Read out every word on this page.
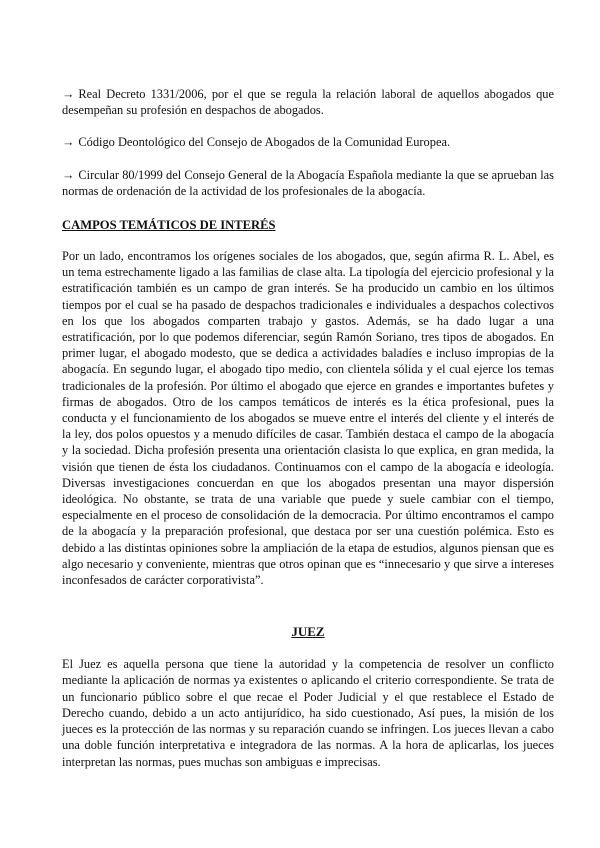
→ Real Decreto 1331/2006, por el que se regula la relación laboral de aquellos abogados que desempeñan su profesión en despachos de abogados.

→ Código Deontológico del Consejo de Abogados de la Comunidad Europea.

→ Circular 80/1999 del Consejo General de la Abogacía Española mediante la que se aprueban las normas de ordenación de la actividad de los profesionales de la abogacía.

CAMPOS TEMÁTICOS DE INTERÉS

Por un lado, encontramos los orígenes sociales de los abogados, que, según afirma R. L. Abel, es un tema estrechamente ligado a las familias de clase alta. La tipología del ejercicio profesional y la estratificación también es un campo de gran interés. Se ha producido un cambio en los últimos tiempos por el cual se ha pasado de despachos tradicionales e individuales a despachos colectivos en los que los abogados comparten trabajo y gastos. Además, se ha dado lugar a una estratificación, por lo que podemos diferenciar, según Ramón Soriano, tres tipos de abogados. En primer lugar, el abogado modesto, que se dedica a actividades baladíes e incluso impropias de la abogacía. En segundo lugar, el abogado tipo medio, con clientela sólida y el cual ejerce los temas tradicionales de la profesión. Por último el abogado que ejerce en grandes e importantes bufetes y firmas de abogados. Otro de los campos temáticos de interés es la ética profesional, pues la conducta y el funcionamiento de los abogados se mueve entre el interés del cliente y el interés de la ley, dos polos opuestos y a menudo difíciles de casar. También destaca el campo de la abogacía y la sociedad. Dicha profesión presenta una orientación clasista lo que explica, en gran medida, la visión que tienen de ésta los ciudadanos. Continuamos con el campo de la abogacía e ideología. Diversas investigaciones concuerdan en que los abogados presentan una mayor dispersión ideológica. No obstante, se trata de una variable que puede y suele cambiar con el tiempo, especialmente en el proceso de consolidación de la democracia. Por último encontramos el campo de la abogacía y la preparación profesional, que destaca por ser una cuestión polémica. Esto es debido a las distintas opiniones sobre la ampliación de la etapa de estudios, algunos piensan que es algo necesario y conveniente, mientras que otros opinan que es “innecesario y que sirve a intereses inconfesados de carácter corporativista”.

JUEZ

El Juez es aquella persona que tiene la autoridad y la competencia de resolver un conflicto mediante la aplicación de normas ya existentes o aplicando el criterio correspondiente. Se trata de un funcionario público sobre el que recae el Poder Judicial y el que restablece el Estado de Derecho cuando, debido a un acto antijurídico, ha sido cuestionado, Así pues, la misión de los jueces es la protección de las normas y su reparación cuando se infringen. Los jueces llevan a cabo una doble función interpretativa e integradora de las normas. A la hora de aplicarlas, los jueces interpretan las normas, pues muchas son ambiguas e imprecisas.
